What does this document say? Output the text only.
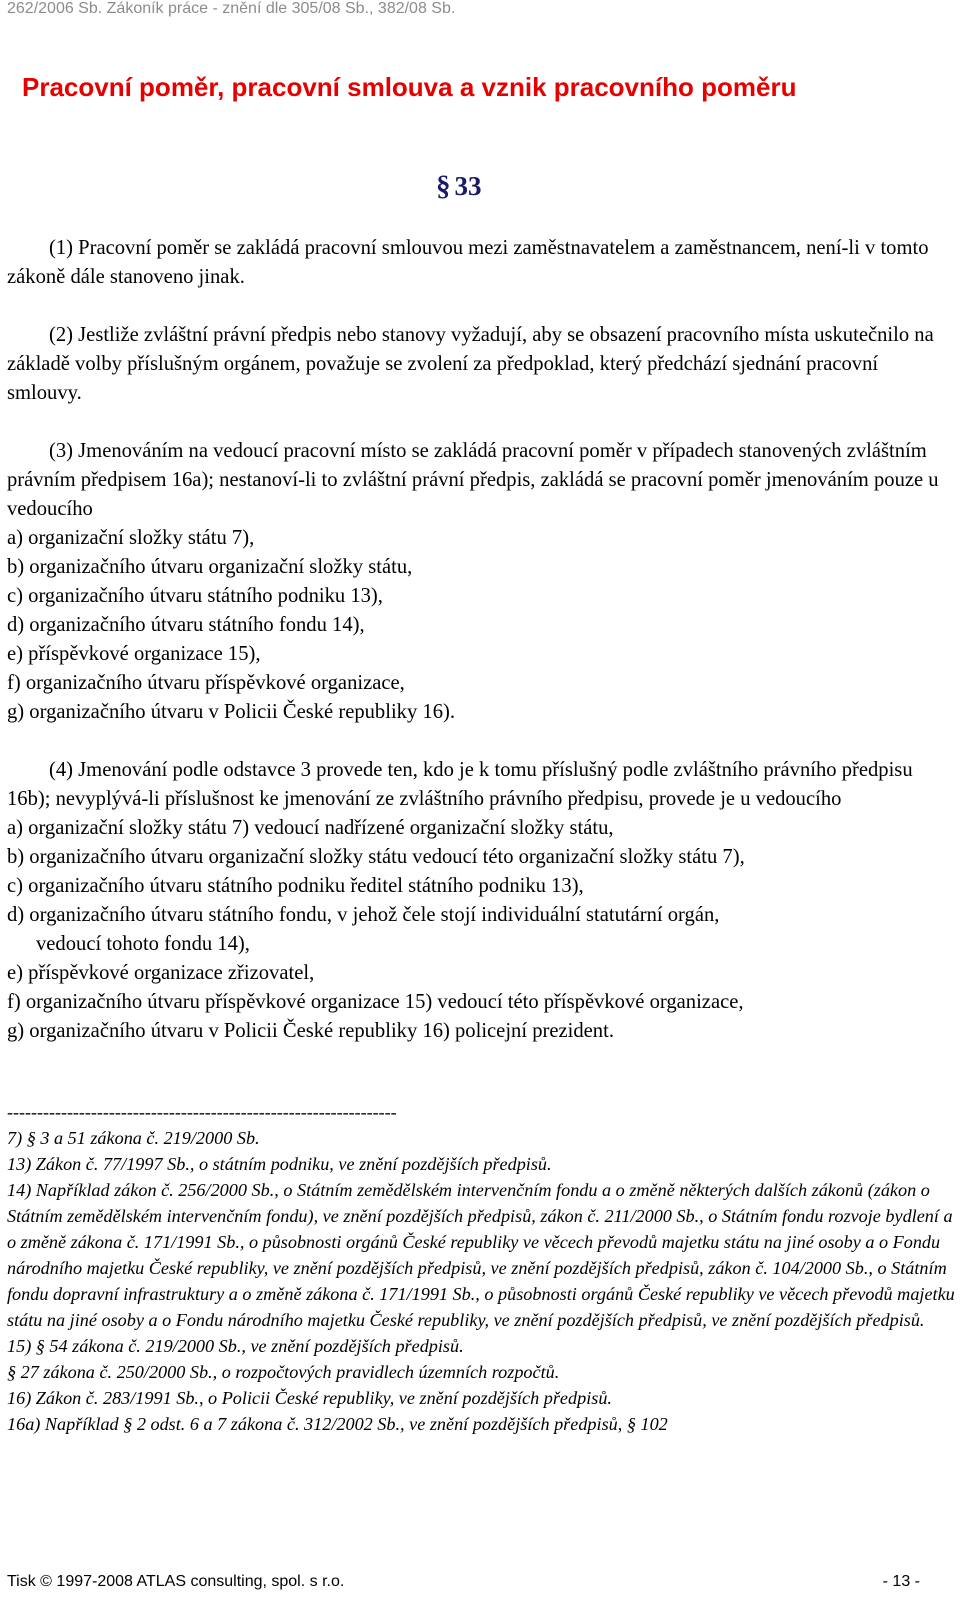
262/2006 Sb. Zákoník práce - znění dle 305/08 Sb., 382/08 Sb.
Pracovní poměr, pracovní smlouva a vznik pracovního poměru
§ 33

(1) Pracovní poměr se zakládá pracovní smlouvou mezi zaměstnavatelem a zaměstnancem, není-li v tomto zákoně dále stanoveno jinak.

(2) Jestliže zvláštní právní předpis nebo stanovy vyžadují, aby se obsazení pracovního místa uskutečnilo na základě volby příslušným orgánem, považuje se zvolení za předpoklad, který předchází sjednání pracovní smlouvy.

(3) Jmenováním na vedoucí pracovní místo se zakládá pracovní poměr v případech stanovených zvláštním právním předpisem 16a); nestanoví-li to zvláštní právní předpis, zakládá se pracovní poměr jmenováním pouze u vedoucího

a) organizační složky státu 7),

b) organizačního útvaru organizační složky státu,

c) organizačního útvaru státního podniku 13),

d) organizačního útvaru státního fondu 14),

e) příspěvkové organizace 15),

f) organizačního útvaru příspěvkové organizace,

g) organizačního útvaru v Policii České republiky 16).

(4) Jmenování podle odstavce 3 provede ten, kdo je k tomu příslušný podle zvláštního právního předpisu 16b); nevyplývá-li příslušnost ke jmenování ze zvláštního právního předpisu, provede je u vedoucího

a) organizační složky státu 7) vedoucí nadřízené organizační složky státu,

b) organizačního útvaru organizační složky státu vedoucí této organizační složky státu 7),

c) organizačního útvaru státního podniku ředitel státního podniku 13),

d) organizačního útvaru státního fondu, v jehož čele stojí individuální statutární orgán,

vedoucí tohoto fondu 14),

e) příspěvkové organizace zřizovatel,

f) organizačního útvaru příspěvkové organizace 15) vedoucí této příspěvkové organizace,

g) organizačního útvaru v Policii České republiky 16) policejní prezident.

-----------------------------------------------------------------

7) § 3 a 51 zákona č. 219/2000 Sb.

13) Zákon č. 77/1997 Sb., o státním podniku, ve znění pozdějších předpisů.

14) Například zákon č. 256/2000 Sb., o Státním zemědělském intervenčním fondu a o změně některých dalších zákonů (zákon o Státním zemědělském intervenčním fondu), ve znění pozdějších předpisů, zákon č. 211/2000 Sb., o Státním fondu rozvoje bydlení a o změně zákona č. 171/1991 Sb., o působnosti orgánů České republiky ve věcech převodů majetku státu na jiné osoby a o Fondu národního majetku České republiky, ve znění pozdějších předpisů, ve znění pozdějších předpisů, zákon č. 104/2000 Sb., o Státním fondu dopravní infrastruktury a o změně zákona č. 171/1991 Sb., o působnosti orgánů České republiky ve věcech převodů majetku státu na jiné osoby a o Fondu národního majetku České republiky, ve znění pozdějších předpisů, ve znění pozdějších předpisů.

15) § 54 zákona č. 219/2000 Sb., ve znění pozdějších předpisů.

§ 27 zákona č. 250/2000 Sb., o rozpočtových pravidlech územních rozpočtů.

16) Zákon č. 283/1991 Sb., o Policii České republiky, ve znění pozdějších předpisů.

16a) Například § 2 odst. 6 a 7 zákona č. 312/2002 Sb., ve znění pozdějších předpisů, § 102

Tisk © 1997-2008 ATLAS consulting, spol. s r.o.	- 13 -
